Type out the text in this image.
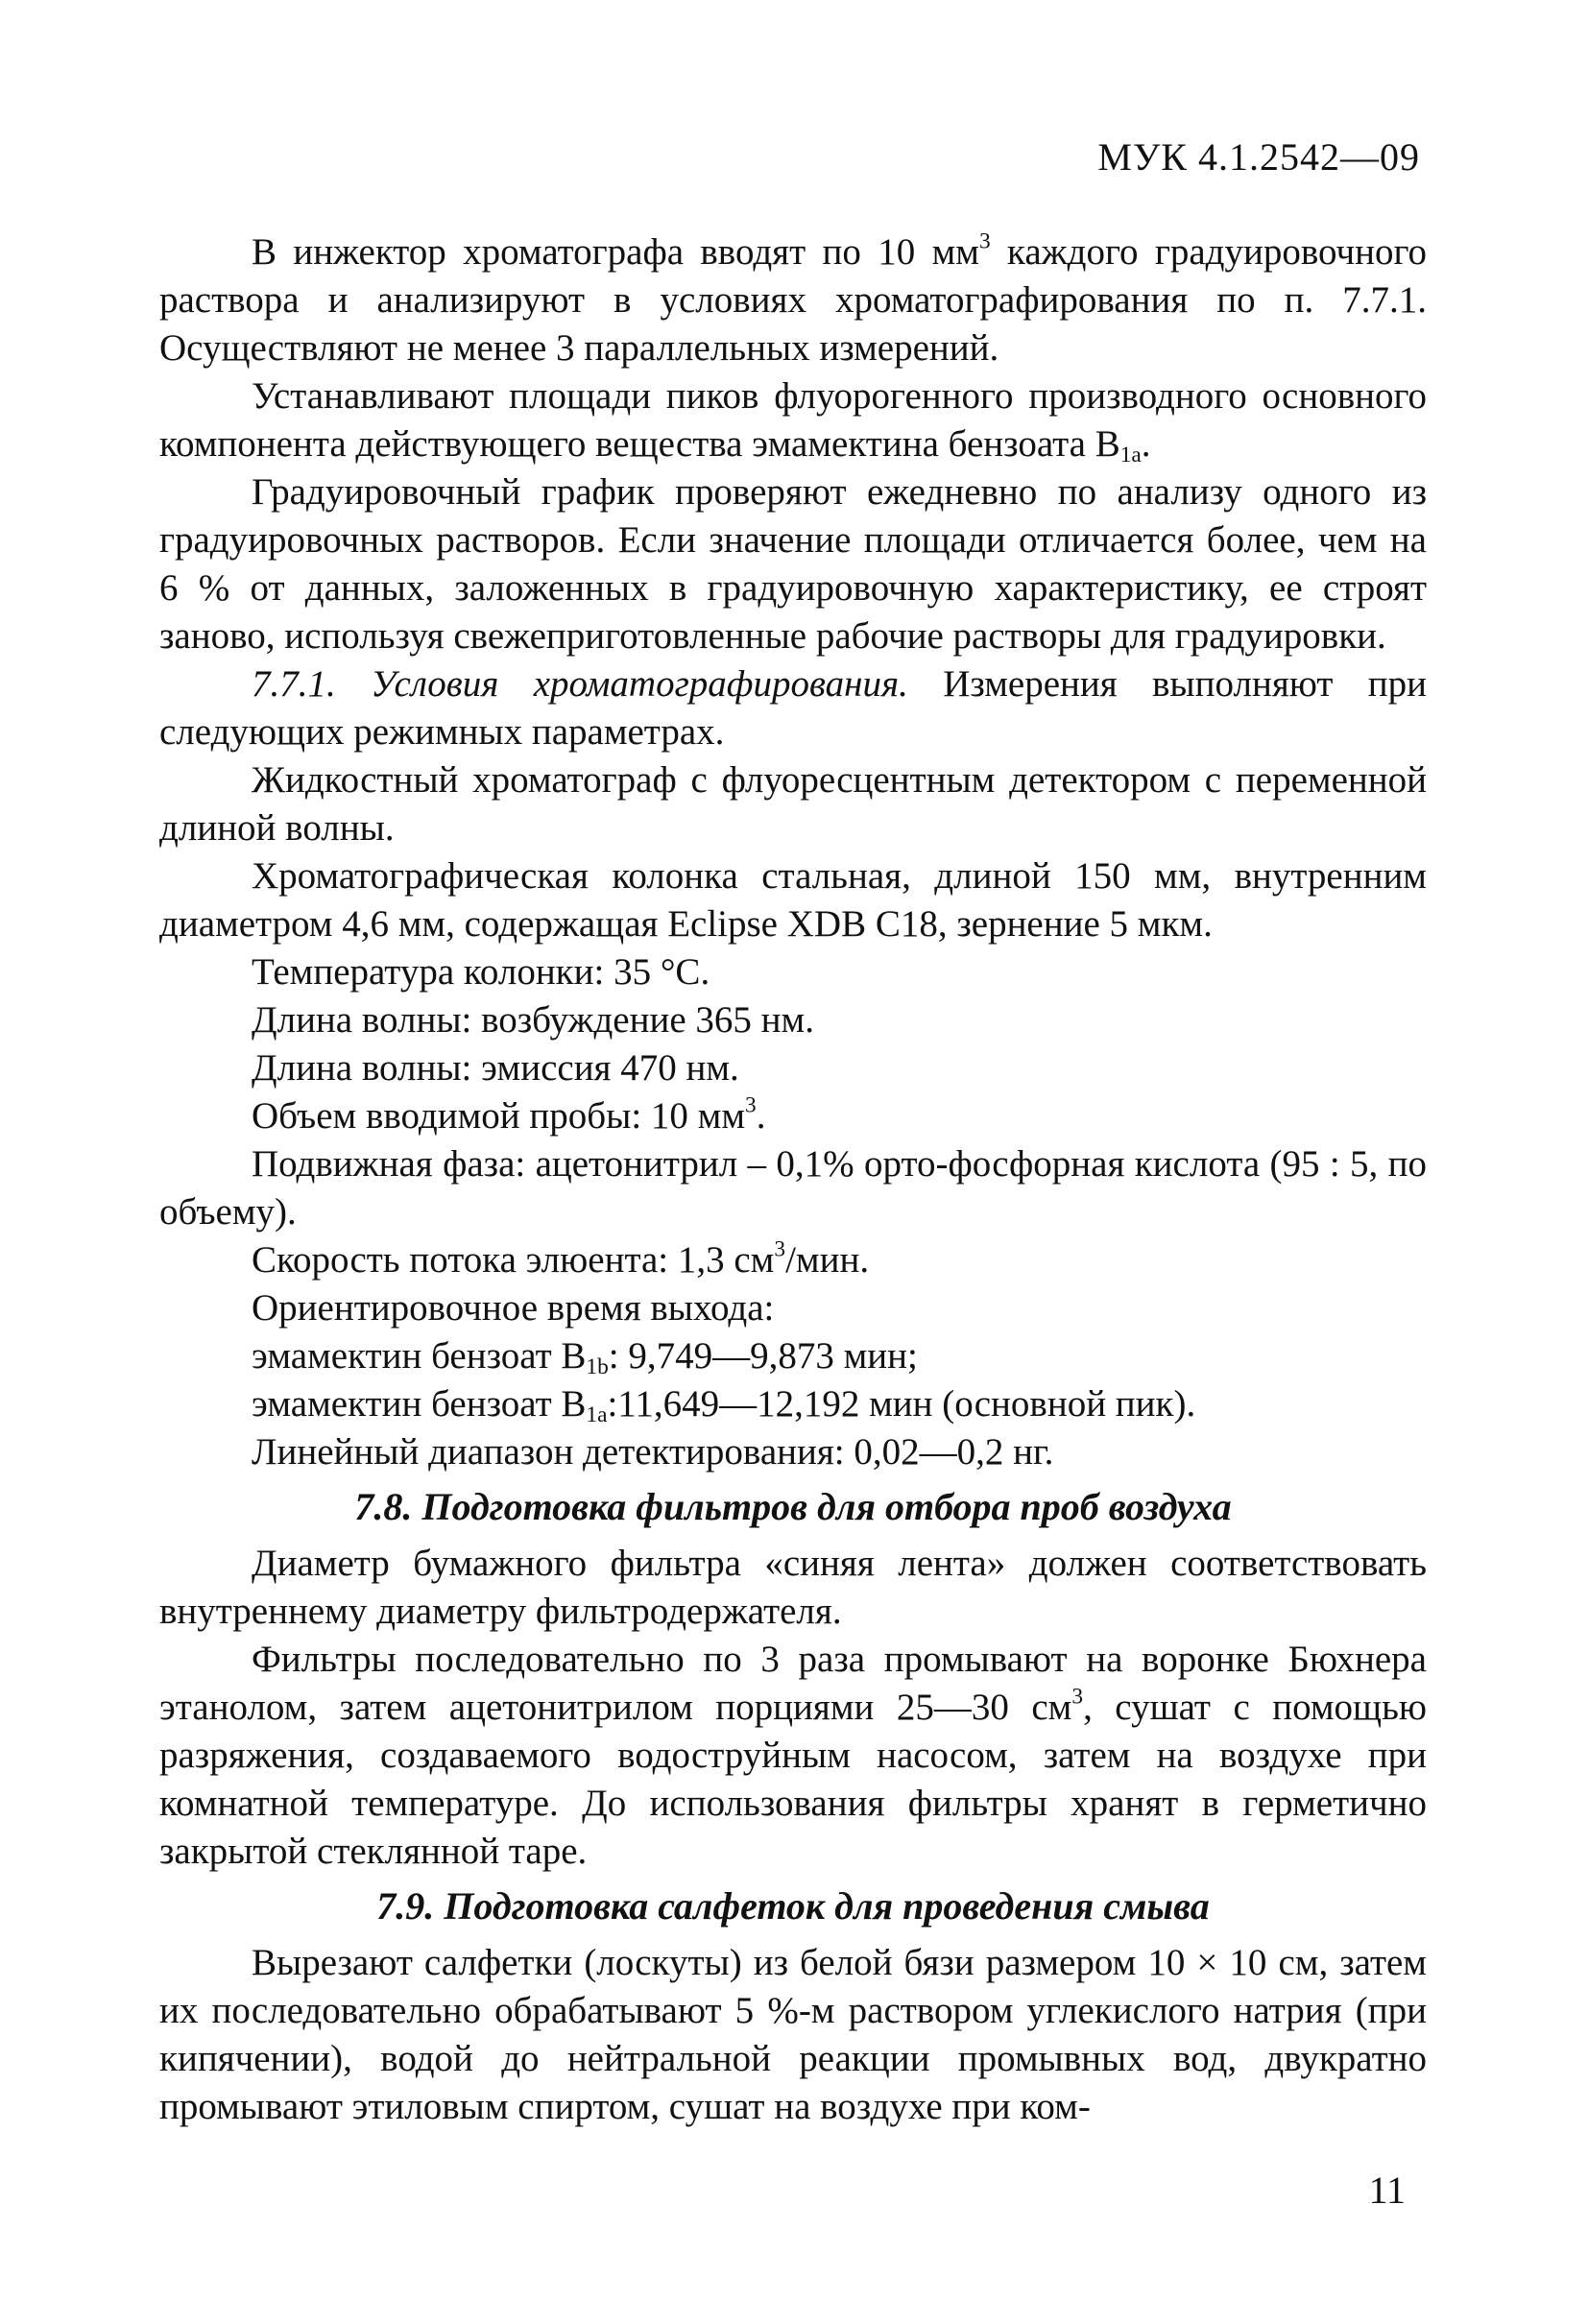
МУК 4.1.2542—09

В инжектор хроматографа вводят по 10 $мм^3$ каждого градуировочного раствора и анализируют в условиях хроматографирования по п. 7.7.1. Осуществляют не менее 3 параллельных измерений.

Устанавливают площади пиков флуорогенного производного основного компонента действующего вещества эмамектина бензоата $B_{1a}$.

Градуировочный график проверяют ежедневно по анализу одного из градуировочных растворов. Если значение площади отличается более, чем на 6 % от данных, заложенных в градуировочную характеристику, ее строят заново, используя свежеприготовленные рабочие растворы для градуировки.

7.7.1. Условия хроматографирования. Измерения выполняют при следующих режимных параметрах.

Жидкостный хроматограф с флуоресцентным детектором с переменной длиной волны.

Хроматографическая колонка стальная, длиной 150 мм, внутренним диаметром 4,6 мм, содержащая Eclipse XDB C18, зернение 5 мкм.

Температура колонки: 35 °С.

Длина волны: возбуждение 365 нм.

Длина волны: эмиссия 470 нм.

Объем вводимой пробы: 10 $мм^3$.

Подвижная фаза: ацетонитрил – 0,1% орто-фосфорная кислота (95 : 5, по объему).

Скорость потока элюента: 1,3 $см^3$/мин.

Ориентировочное время выхода:

эмамектин бензоат $B_{1b}$: 9,749—9,873 мин;

эмамектин бензоат $B_{1a}:11,649—12,192$ мин (основной пик).

Линейный диапазон детектирования: 0,02—0,2 нг.

7.8. Подготовка фильтров для отбора проб воздуха

Диаметр бумажного фильтра «синяя лента» должен соответствовать внутреннему диаметру фильтродержателя.

Фильтры последовательно по 3 раза промывают на воронке Бюхнера этанолом, затем ацетонитрилом порциями 25—30 $см^3$, сушат с помощью разряжения, создаваемого водоструйным насосом, затем на воздухе при комнатной температуре. До использования фильтры хранят в герметично закрытой стеклянной таре.

7.9. Подготовка салфеток для проведения смыва

Вырезают салфетки (лоскуты) из белой бязи размером 10 × 10 см, затем их последовательно обрабатывают 5 %-м раствором углекислого натрия (при кипячении), водой до нейтральной реакции промывных вод, двукратно промывают этиловым спиртом, сушат на воздухе при ком-

11
